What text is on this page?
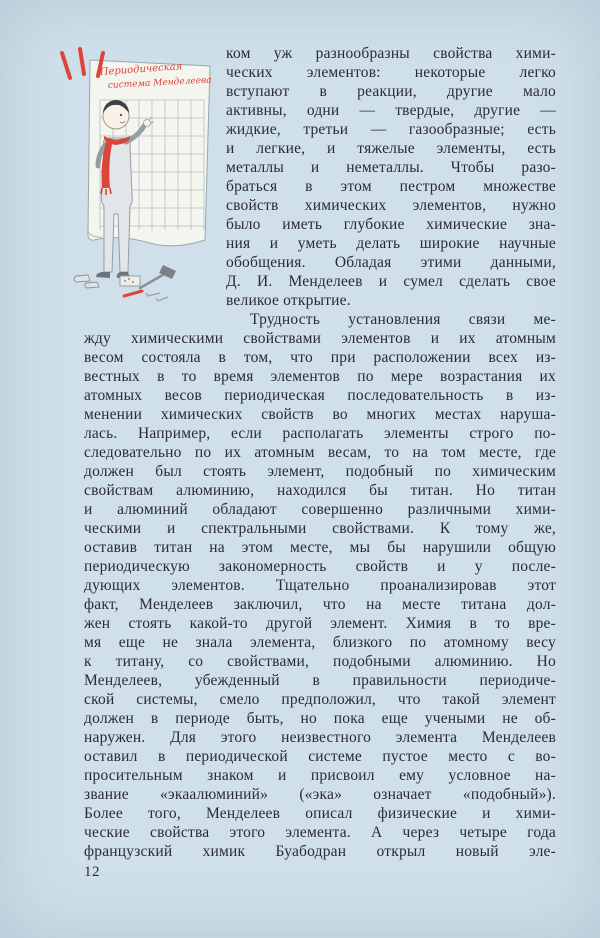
Периодическая
система Менделеева
ком уж разнообразны свойства хими-
ческих элементов: некоторые легко
вступают в реакции, другие мало
активны, одни — твердые, другие —
жидкие, третьи — газообразные; есть
и легкие, и тяжелые элементы, есть
металлы и неметаллы. Чтобы разо-
браться в этом пестром множестве
свойств химических элементов, нужно
было иметь глубокие химические зна-
ния и уметь делать широкие научные
обобщения. Обладая этими данными,
Д. И. Менделеев и сумел сделать свое
великое открытие.
Трудность установления связи ме-
жду химическими свойствами элементов и их атомным
весом состояла в том, что при расположении всех из-
вестных в то время элементов по мере возрастания их
атомных весов периодическая последовательность в из-
менении химических свойств во многих местах наруша-
лась. Например, если располагать элементы строго по-
следовательно по их атомным весам, то на том месте, где
должен был стоять элемент, подобный по химическим
свойствам алюминию, находился бы титан. Но титан
и алюминий обладают совершенно различными хими-
ческими и спектральными свойствами. К тому же,
оставив титан на этом месте, мы бы нарушили общую
периодическую закономерность свойств и у после-
дующих элементов. Тщательно проанализировав этот
факт, Менделеев заключил, что на месте титана дол-
жен стоять какой-то другой элемент. Химия в то вре-
мя еще не знала элемента, близкого по атомному весу
к титану, со свойствами, подобными алюминию. Но
Менделеев, убежденный в правильности периодиче-
ской системы, смело предположил, что такой элемент
должен в периоде быть, но пока еще учеными не об-
наружен. Для этого неизвестного элемента Менделеев
оставил в периодической системе пустое место с во-
просительным знаком и присвоил ему условное на-
звание «экаалюминий» («эка» означает «подобный»).
Более того, Менделеев описал физические и хими-
ческие свойства этого элемента. А через четыре года
французский химик Буабодран открыл новый эле-
12
